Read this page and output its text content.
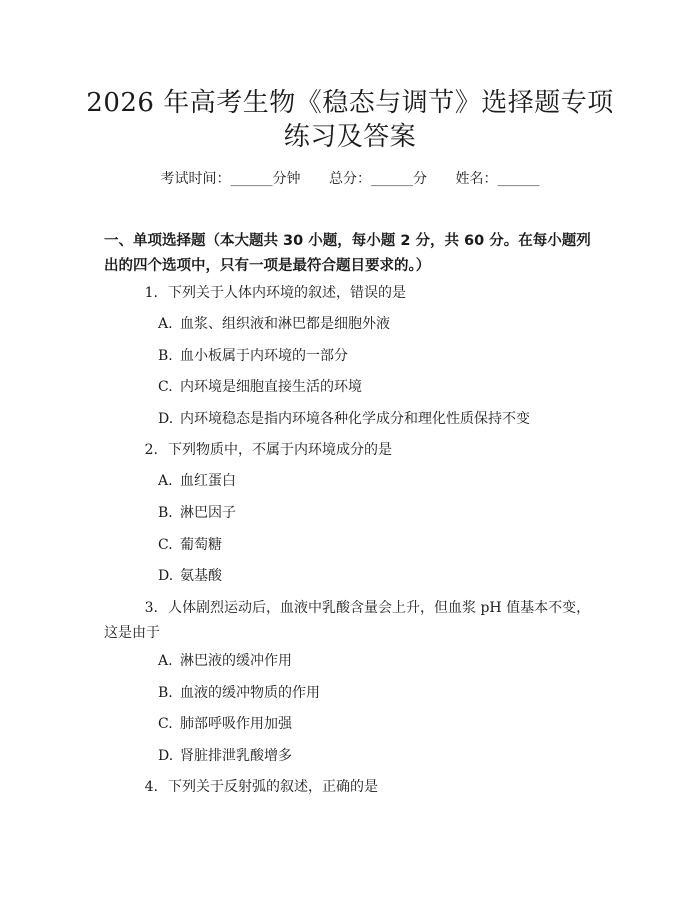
2026 年高考生物《稳态与调节》选择题专项
练习及答案
考试时间：______分钟 总分：______分 姓名：______

一、单项选择题（本大题共 30 小题，每小题 2 分，共 60 分。在每小题列出的四个选项中，只有一项是最符合题目要求的。）

1. 下列关于人体内环境的叙述，错误的是
A. 血浆、组织液和淋巴都是细胞外液
B. 血小板属于内环境的一部分
C. 内环境是细胞直接生活的环境
D. 内环境稳态是指内环境各种化学成分和理化性质保持不变
2. 下列物质中，不属于内环境成分的是
A. 血红蛋白
B. 淋巴因子
C. 葡萄糖
D. 氨基酸
3. 人体剧烈运动后，血液中乳酸含量会上升，但血浆 pH 值基本不变，这是由于
A. 淋巴液的缓冲作用
B. 血液的缓冲物质的作用
C. 肺部呼吸作用加强
D. 肾脏排泄乳酸增多
4. 下列关于反射弧的叙述，正确的是
